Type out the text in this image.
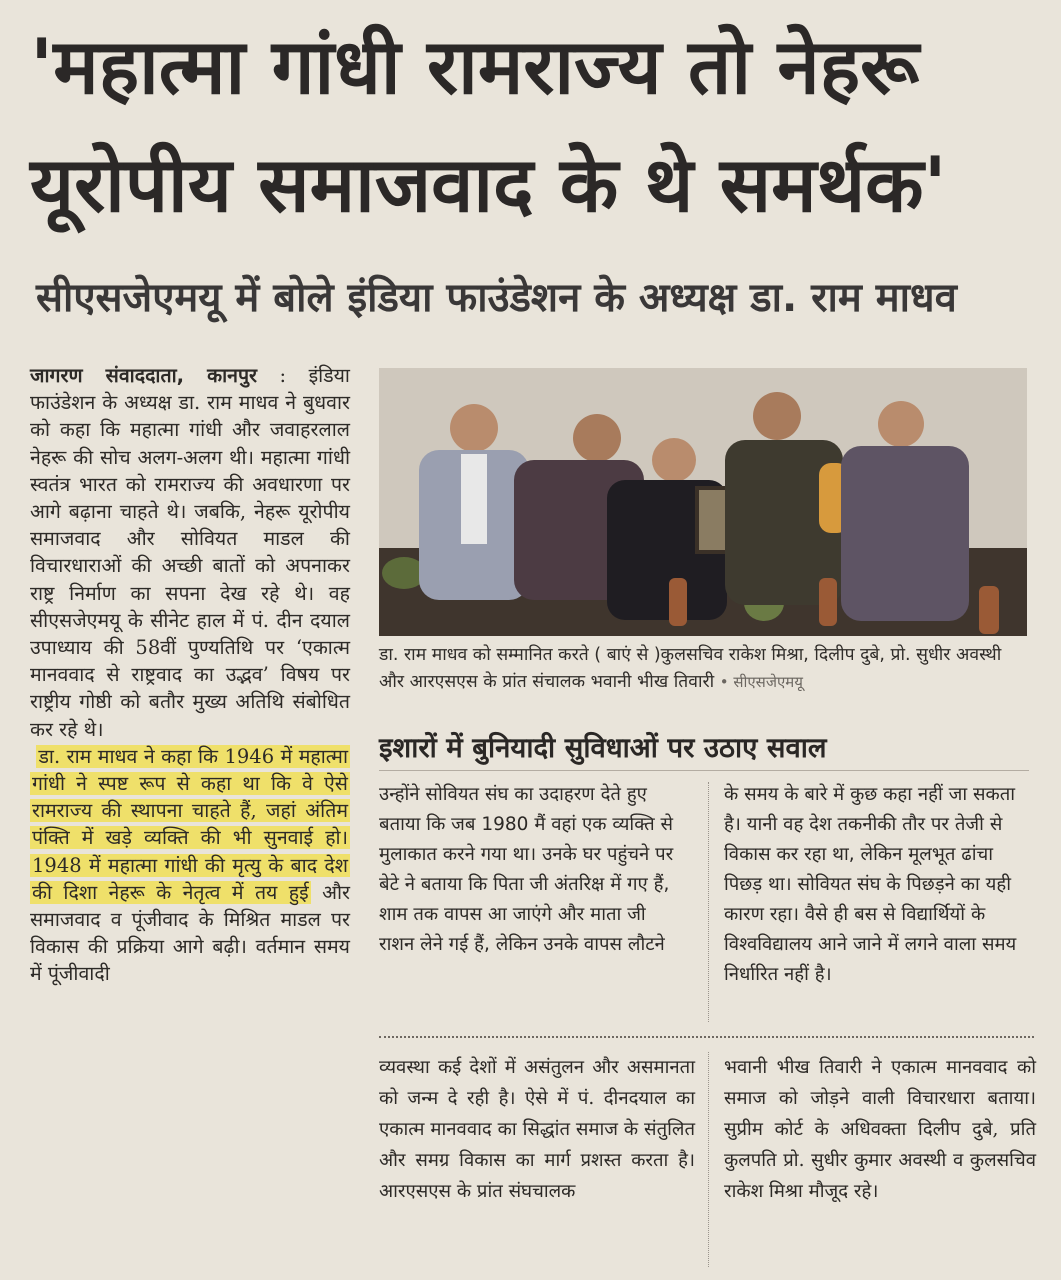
'महात्मा गांधी रामराज्य तो नेहरू
यूरोपीय समाजवाद के थे समर्थक'
सीएसजेएमयू में बोले इंडिया फाउंडेशन के अध्यक्ष डा. राम माधव

जागरण संवाददाता, कानपुर : इंडिया फाउंडेशन के अध्यक्ष डा. राम माधव ने बुधवार को कहा कि महात्मा गांधी और जवाहरलाल नेहरू की सोच अलग-अलग थी। महात्मा गांधी स्वतंत्र भारत को रामराज्य की अवधारणा पर आगे बढ़ाना चाहते थे। जबकि, नेहरू यूरोपीय समाजवाद और सोवियत माडल की विचारधाराओं की अच्छी बातों को अपनाकर राष्ट्र निर्माण का सपना देख रहे थे। वह सीएसजेएमयू के सीनेट हाल में पं. दीन दयाल उपाध्याय की 58वीं पुण्यतिथि पर ‘एकात्म मानववाद से राष्ट्रवाद का उद्भव’ विषय पर राष्ट्रीय गोष्ठी को बतौर मुख्य अतिथि संबोधित कर रहे थे।

डा. राम माधव ने कहा कि 1946 में महात्मा गांधी ने स्पष्ट रूप से कहा था कि वे ऐसे रामराज्य की स्थापना चाहते हैं, जहां अंतिम पंक्ति में खड़े व्यक्ति की भी सुनवाई हो। 1948 में महात्मा गांधी की मृत्यु के बाद देश की दिशा नेहरू के नेतृत्व में तय हुई और समाजवाद व पूंजीवाद के मिश्रित माडल पर विकास की प्रक्रिया आगे बढ़ी। वर्तमान समय में पूंजीवादी

डा. राम माधव को सम्मानित करते ( बाएं से )कुलसचिव राकेश मिश्रा, दिलीप दुबे, प्रो. सुधीर अवस्थी और आरएसएस के प्रांत संचालक भवानी भीख तिवारी • सीएसजेएमयू
इशारों में बुनियादी सुविधाओं पर उठाए सवाल
उन्होंने सोवियत संघ का उदाहरण देते हुए बताया कि जब 1980 मैं वहां एक व्यक्ति से मुलाकात करने गया था। उनके घर पहुंचने पर बेटे ने बताया कि पिता जी अंतरिक्ष में गए हैं, शाम तक वापस आ जाएंगे और माता जी राशन लेने गई हैं, लेकिन उनके वापस लौटने
के समय के बारे में कुछ कहा नहीं जा सकता है। यानी वह देश तकनीकी तौर पर तेजी से विकास कर रहा था, लेकिन मूलभूत ढांचा पिछड़ था। सोवियत संघ के पिछड़ने का यही कारण रहा। वैसे ही बस से विद्यार्थियों के विश्वविद्यालय आने जाने में लगने वाला समय निर्धारित नहीं है।
व्यवस्था कई देशों में असंतुलन और असमानता को जन्म दे रही है। ऐसे में पं. दीनदयाल का एकात्म मानववाद का सिद्धांत समाज के संतुलित और समग्र विकास का मार्ग प्रशस्त करता है। आरएसएस के प्रांत संघचालक
भवानी भीख तिवारी ने एकात्म मानववाद को समाज को जोड़ने वाली विचारधारा बताया। सुप्रीम कोर्ट के अधिवक्ता दिलीप दुबे, प्रति कुलपति प्रो. सुधीर कुमार अवस्थी व कुलसचिव राकेश मिश्रा मौजूद रहे।
